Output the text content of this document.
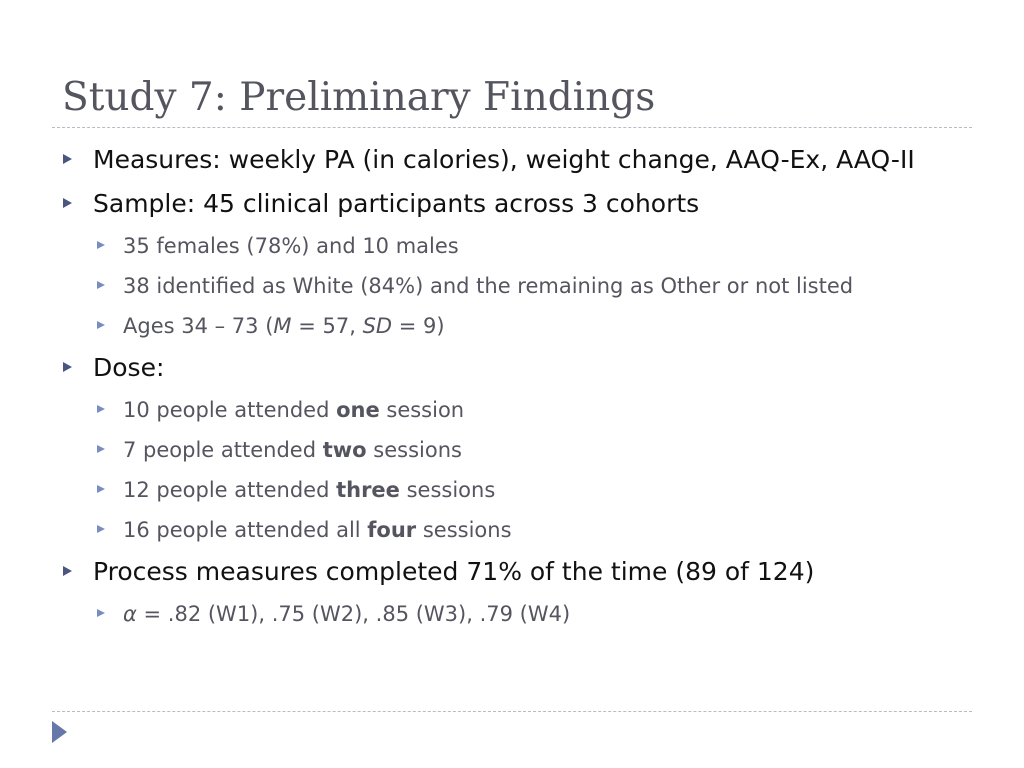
Study 7: Preliminary Findings
Measures: weekly PA (in calories), weight change, AAQ-Ex, AAQ-II
Sample: 45 clinical participants across 3 cohorts
35 females (78%) and 10 males
38 identified as White (84%) and the remaining as Other or not listed
Ages 34 – 73 (M = 57, SD = 9)
Dose:
10 people attended one session
7 people attended two sessions
12 people attended three sessions
16 people attended all four sessions
Process measures completed 71% of the time (89 of 124)
α = .82 (W1), .75 (W2), .85 (W3), .79 (W4)
